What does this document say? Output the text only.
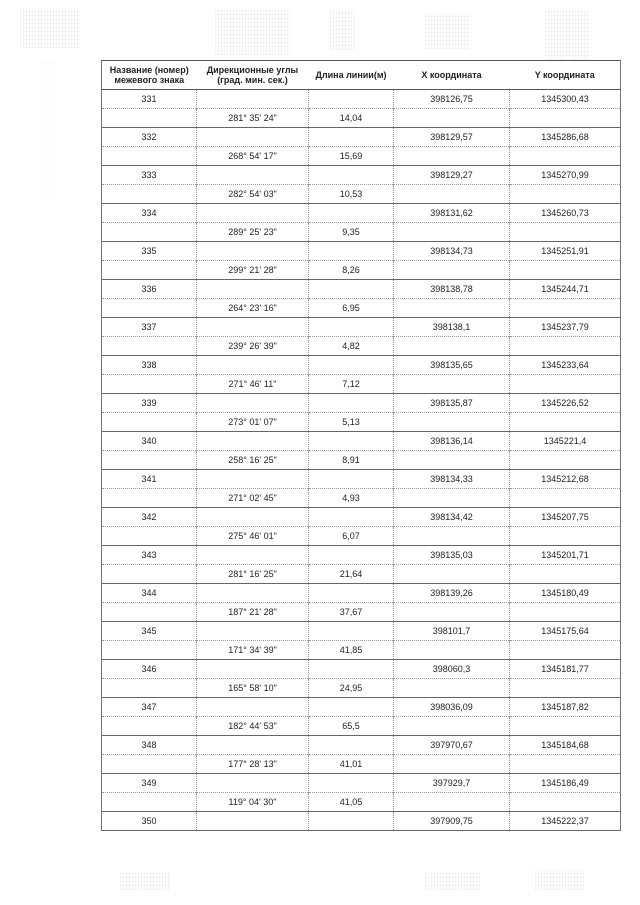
Название (номер) межевого знака	Дирекционные углы (град. мин. сек.)	Длина линии(м)	X координата	Y координата
331			398126,75	1345300,43
	281° 35' 24"	14,04		
332			398129,57	1345286,68
	268° 54' 17"	15,69		
333			398129,27	1345270,99
	282° 54' 03"	10,53		
334			398131,62	1345260,73
	289° 25' 23"	9,35		
335			398134,73	1345251,91
	299° 21' 28"	8,26		
336			398138,78	1345244,71
	264° 23' 16"	6,95		
337			398138,1	1345237,79
	239° 26' 39"	4,82		
338			398135,65	1345233,64
	271° 46' 11"	7,12		
339			398135,87	1345226,52
	273° 01' 07"	5,13		
340			398136,14	1345221,4
	258° 16' 25"	8,91		
341			398134,33	1345212,68
	271° 02' 45"	4,93		
342			398134,42	1345207,75
	275° 46' 01"	6,07		
343			398135,03	1345201,71
	281° 16' 25"	21,64		
344			398139,26	1345180,49
	187° 21' 28"	37,67		
345			398101,7	1345175,64
	171° 34' 39"	41,85		
346			398060,3	1345181,77
	165° 58' 10"	24,95		
347			398036,09	1345187,82
	182° 44' 53"	65,5		
348			397970,67	1345184,68
	177° 28' 13"	41,01		
349			397929,7	1345186,49
	119° 04' 30"	41,05		
350			397909,75	1345222,37
